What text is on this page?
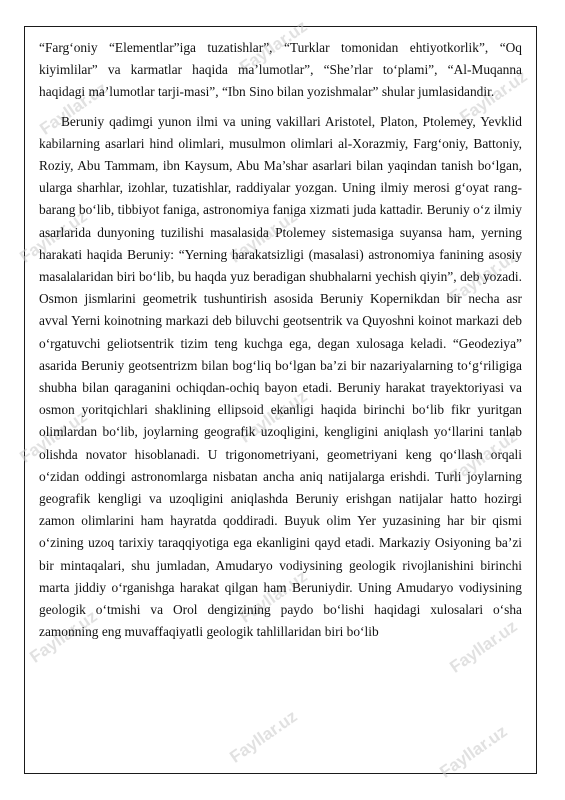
Fayllar.uz
Fayllar.uz
Fayllar.uz
Fayllar.uz	Fayllar.uz
Fayllar.uz
Fayllar.uz	Fayllar.uz
Fayllar.uz
Fayllar.uz
Fayllar.uz
Fayllar.uz
Fayllar.uz	Fayllar.uz

“Farg‘oniy “Elementlar”iga tuzatishlar”, “Turklar tomonidan ehtiyotkorlik”, “Oq kiyimlilar” va karmatlar haqida ma’lumotlar”, “She’rlar to‘plami”, “Al-Muqanna haqidagi ma’lumotlar tarji-masi”, “Ibn Sino bilan yozishmalar” shular jumlasidandir.

Beruniy qadimgi yunon ilmi va uning vakillari Aristotel, Platon, Ptolemey, Yevklid kabilarning asarlari hind olimlari, musulmon olimlari al-Xorazmiy, Farg‘oniy, Battoniy, Roziy, Abu Tammam, ibn Kaysum, Abu Ma’shar asarlari bilan yaqindan tanish bo‘lgan, ularga sharhlar, izohlar, tuzatishlar, raddiyalar yozgan. Uning ilmiy merosi g‘oyat rang-barang bo‘lib, tibbiyot faniga, astronomiya faniga xizmati juda kattadir. Beruniy o‘z ilmiy asarlarida dunyoning tuzilishi masalasida Ptolemey sistemasiga suyansa ham, yerning harakati haqida Beruniy: “Yerning harakatsizligi (masalasi) astronomiya fanining asosiy masalalaridan biri bo‘lib, bu haqda yuz beradigan shubhalarni yechish qiyin”, deb yozadi. Osmon jismlarini geometrik tushuntirish asosida Beruniy Kopernikdan bir necha asr avval Yerni koinotning markazi deb biluvchi geotsentrik va Quyoshni koinot markazi deb o‘rgatuvchi geliotsentrik tizim teng kuchga ega, degan xulosaga keladi. “Geodeziya” asarida Beruniy geotsentrizm bilan bog‘liq bo‘lgan ba’zi bir nazariyalarning to‘g‘riligiga shubha bilan qaraganini ochiqdan-ochiq bayon etadi. Beruniy harakat trayektoriyasi va osmon yoritqichlari shaklining ellipsoid ekanligi haqida birinchi bo‘lib fikr yuritgan olimlardan bo‘lib, joylarning geografik uzoqligini, kengligini aniqlash yo‘llarini tanlab olishda novator hisoblanadi. U trigonometriyani, geometriyani keng qo‘llash orqali o‘zidan oddingi astronomlarga nisbatan ancha aniq natijalarga erishdi. Turli joylarning geografik kengligi va uzoqligini aniqlashda Beruniy erishgan natijalar hatto hozirgi zamon olimlarini ham hayratda qoddiradi. Buyuk olim Yer yuzasining har bir qismi o‘zining uzoq tarixiy taraqqiyotiga ega ekanligini qayd etadi. Markaziy Osiyoning ba’zi bir mintaqalari, shu jumladan, Amudaryo vodiysining geologik rivojlanishini birinchi marta jiddiy o‘rganishga harakat qilgan ham Beruniydir. Uning Amudaryo vodiysining geologik o‘tmishi va Orol dengizining paydo bo‘lishi haqidagi xulosalari o‘sha zamonning eng muvaffaqiyatli geologik tahlillaridan biri bo‘lib
